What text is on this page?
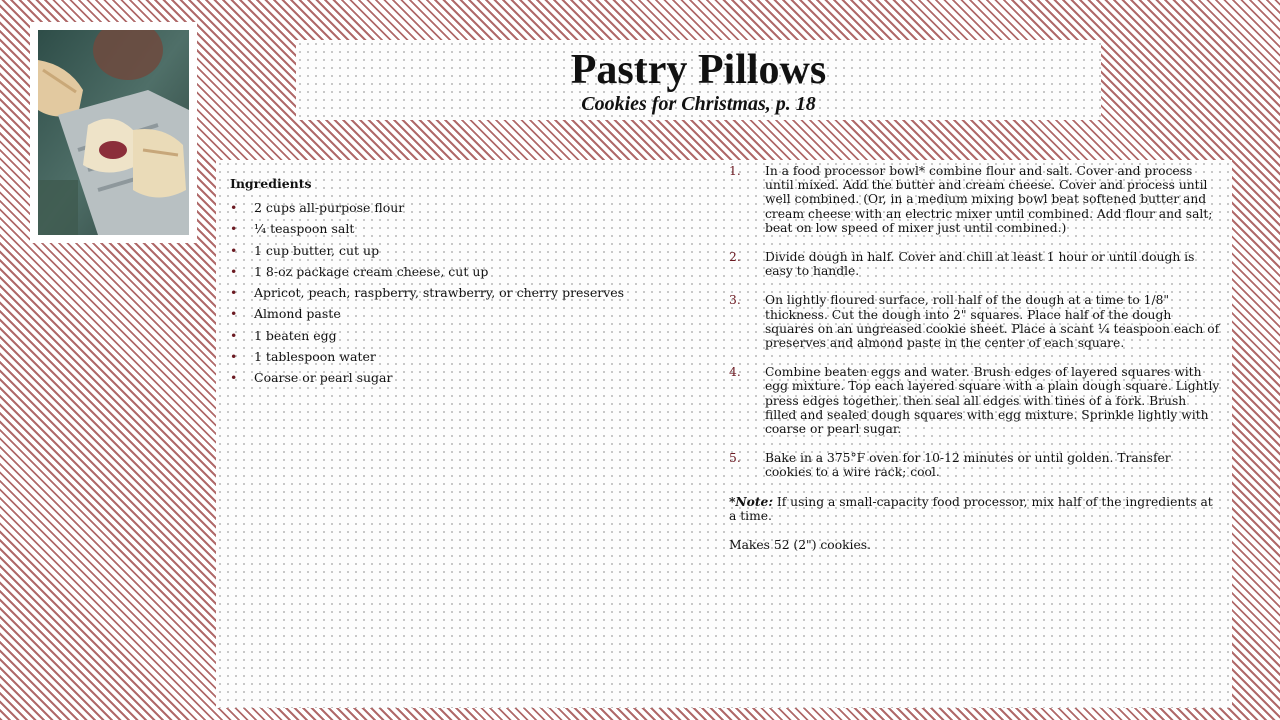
Pastry Pillows
Cookies for Christmas, p. 18
Ingredients
• 2 cups all-purpose flour
• ¼ teaspoon salt
• 1 cup butter, cut up
• 1 8-oz package cream cheese, cut up
• Apricot, peach, raspberry, strawberry, or cherry preserves
• Almond paste
• 1 beaten egg
• 1 tablespoon water
• Coarse or pearl sugar
1. In a food processor bowl* combine flour and salt. Cover and process until mixed. Add the butter and cream cheese. Cover and process until well combined. (Or, in a medium mixing bowl beat softened butter and cream cheese with an electric mixer until combined. Add flour and salt; beat on low speed of mixer just until combined.)
2. Divide dough in half. Cover and chill at least 1 hour or until dough is easy to handle.
3. On lightly floured surface, roll half of the dough at a time to 1/8" thickness. Cut the dough into 2" squares. Place half of the dough squares on an ungreased cookie sheet. Place a scant ¼ teaspoon each of preserves and almond paste in the center of each square.
4. Combine beaten eggs and water. Brush edges of layered squares with egg mixture. Top each layered square with a plain dough square. Lightly press edges together, then seal all edges with tines of a fork. Brush filled and sealed dough squares with egg mixture. Sprinkle lightly with coarse or pearl sugar.
5. Bake in a 375°F oven for 10-12 minutes or until golden. Transfer cookies to a wire rack; cool.

*Note: If using a small-capacity food processor, mix half of the ingredients at a time.

Makes 52 (2") cookies.
